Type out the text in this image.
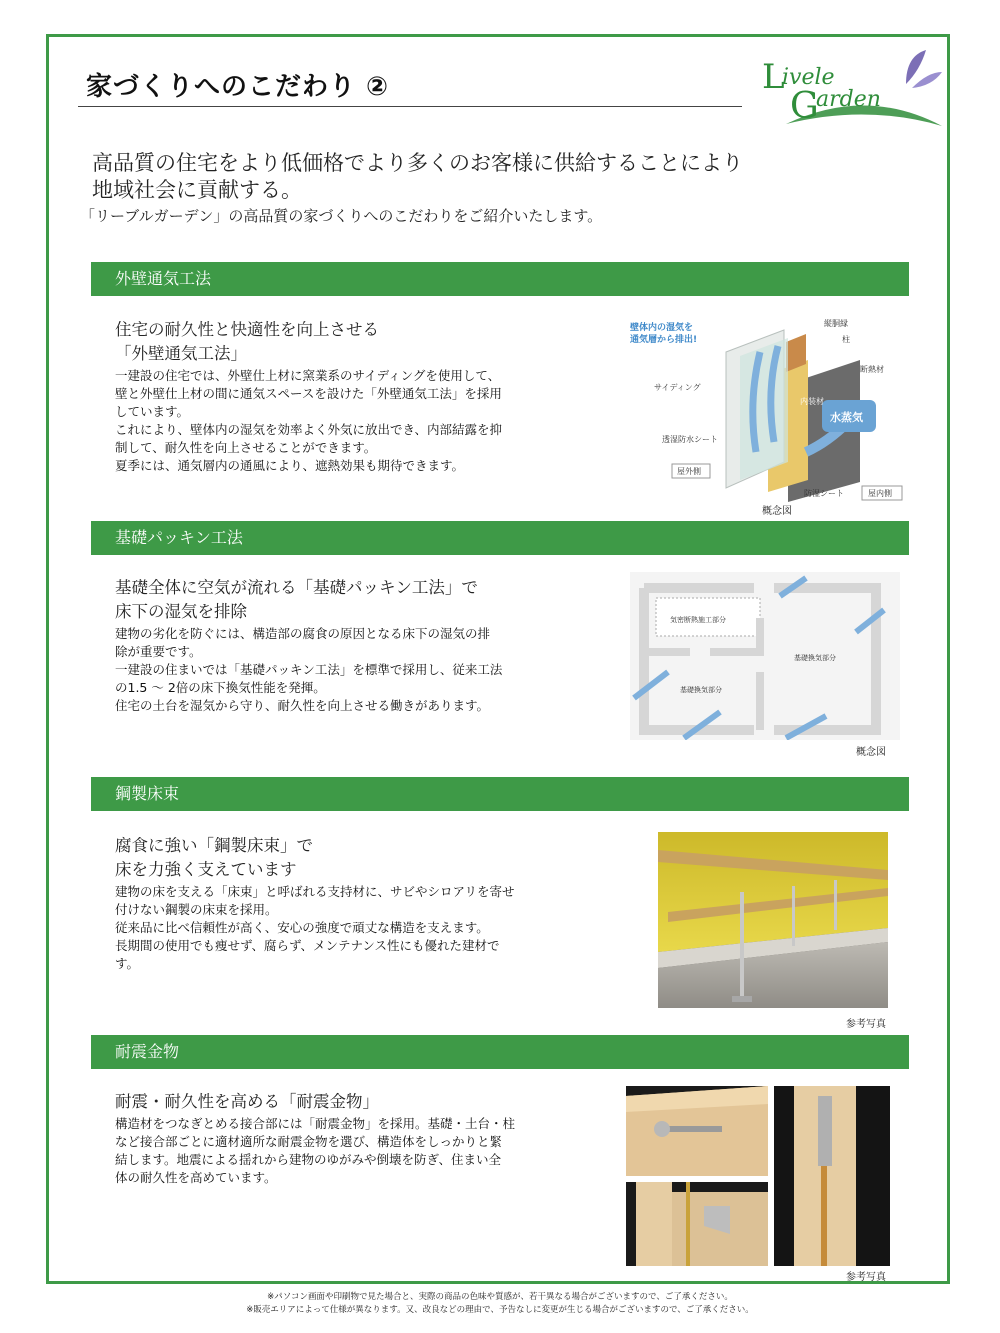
家づくりへのこだわり ②	L
ivele
G
arden
高品質の住宅をより低価格でより多くのお客様に供給することにより
地域社会に貢献する。

「リーブルガーデン」の高品質の家づくりへのこだわりをご紹介いたします。

外壁通気工法
住宅の耐久性と快適性を向上させる
「外壁通気工法」
一建設の住宅では、外壁仕上材に窯業系のサイディングを使用して、
壁と外壁仕上材の間に通気スペースを設けた「外壁通気工法」を採用
しています。
これにより、壁体内の湿気を効率よく外気に放出でき、内部結露を抑
制して、耐久性を向上させることができます。
夏季には、通気層内の通風により、遮熱効果も期待できます。
壁体内の湿気を
通気層から排出!
縦胴縁
柱
断熱材
サイディング
内装材
水蒸気
透湿防水シート
屋外側
防湿シート	屋内側
概念図
基礎パッキン工法
基礎全体に空気が流れる「基礎パッキン工法」で
床下の湿気を排除
建物の劣化を防ぐには、構造部の腐食の原因となる床下の湿気の排
除が重要です。
一建設の住まいでは「基礎パッキン工法」を標準で採用し、従来工法
の1.5 ～ 2倍の床下換気性能を発揮。
住宅の土台を湿気から守り、耐久性を向上させる働きがあります。
気密断熱施工部分
基礎換気部分
基礎換気部分
概念図
鋼製床束
腐食に強い「鋼製床束」で
床を力強く支えています
建物の床を支える「床束」と呼ばれる支持材に、サビやシロアリを寄せ
付けない鋼製の床束を採用。
従来品に比べ信頼性が高く、安心の強度で頑丈な構造を支えます。
長期間の使用でも痩せず、腐らず、メンテナンス性にも優れた建材で
す。
参考写真
耐震金物
耐震・耐久性を高める「耐震金物」
構造材をつなぎとめる接合部には「耐震金物」を採用。基礎・土台・柱
など接合部ごとに適材適所な耐震金物を選び、構造体をしっかりと緊
結します。地震による揺れから建物のゆがみや倒壊を防ぎ、住まい全
体の耐久性を高めています。
参考写真
※パソコン画面や印刷物で見た場合と、実際の商品の色味や質感が、若干異なる場合がございますので、ご了承ください。
※販売エリアによって仕様が異なります。又、改良などの理由で、予告なしに変更が生じる場合がございますので、ご了承ください。
